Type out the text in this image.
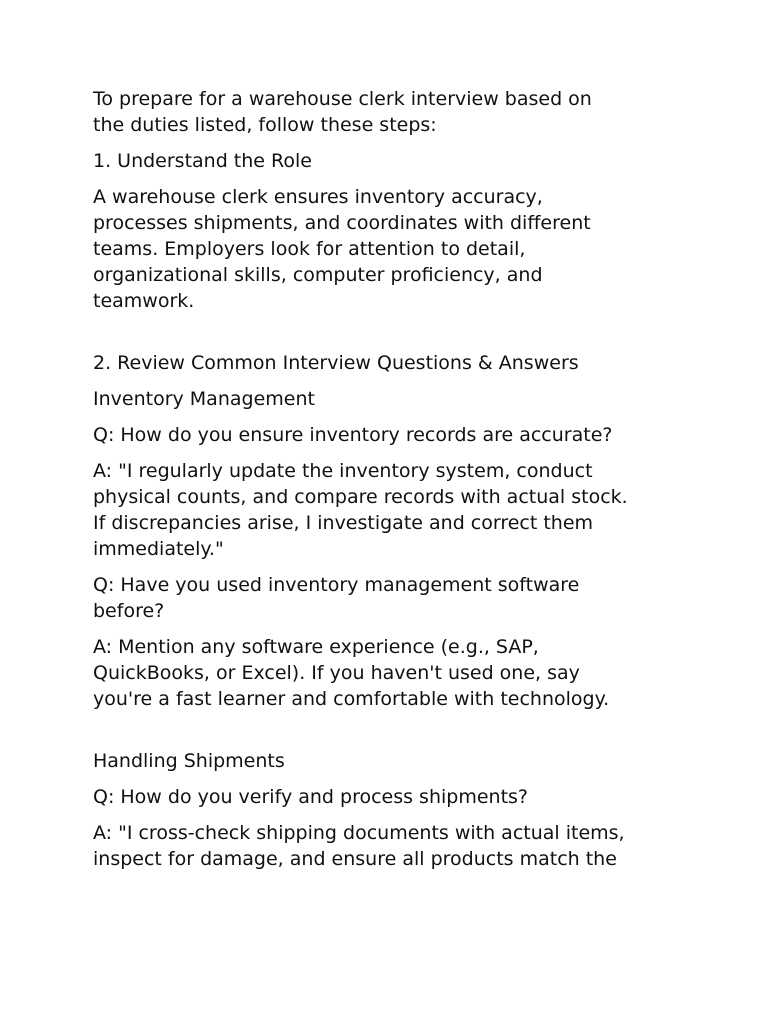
To prepare for a warehouse clerk interview based on
the duties listed, follow these steps:

1. Understand the Role

A warehouse clerk ensures inventory accuracy,
processes shipments, and coordinates with different
teams. Employers look for attention to detail,
organizational skills, computer proficiency, and
teamwork.

2. Review Common Interview Questions & Answers

Inventory Management

Q: How do you ensure inventory records are accurate?

A: "I regularly update the inventory system, conduct
physical counts, and compare records with actual stock.
If discrepancies arise, I investigate and correct them
immediately."

Q: Have you used inventory management software
before?

A: Mention any software experience (e.g., SAP,
QuickBooks, or Excel). If you haven't used one, say
you're a fast learner and comfortable with technology.

Handling Shipments

Q: How do you verify and process shipments?

A: "I cross-check shipping documents with actual items,
inspect for damage, and ensure all products match the
